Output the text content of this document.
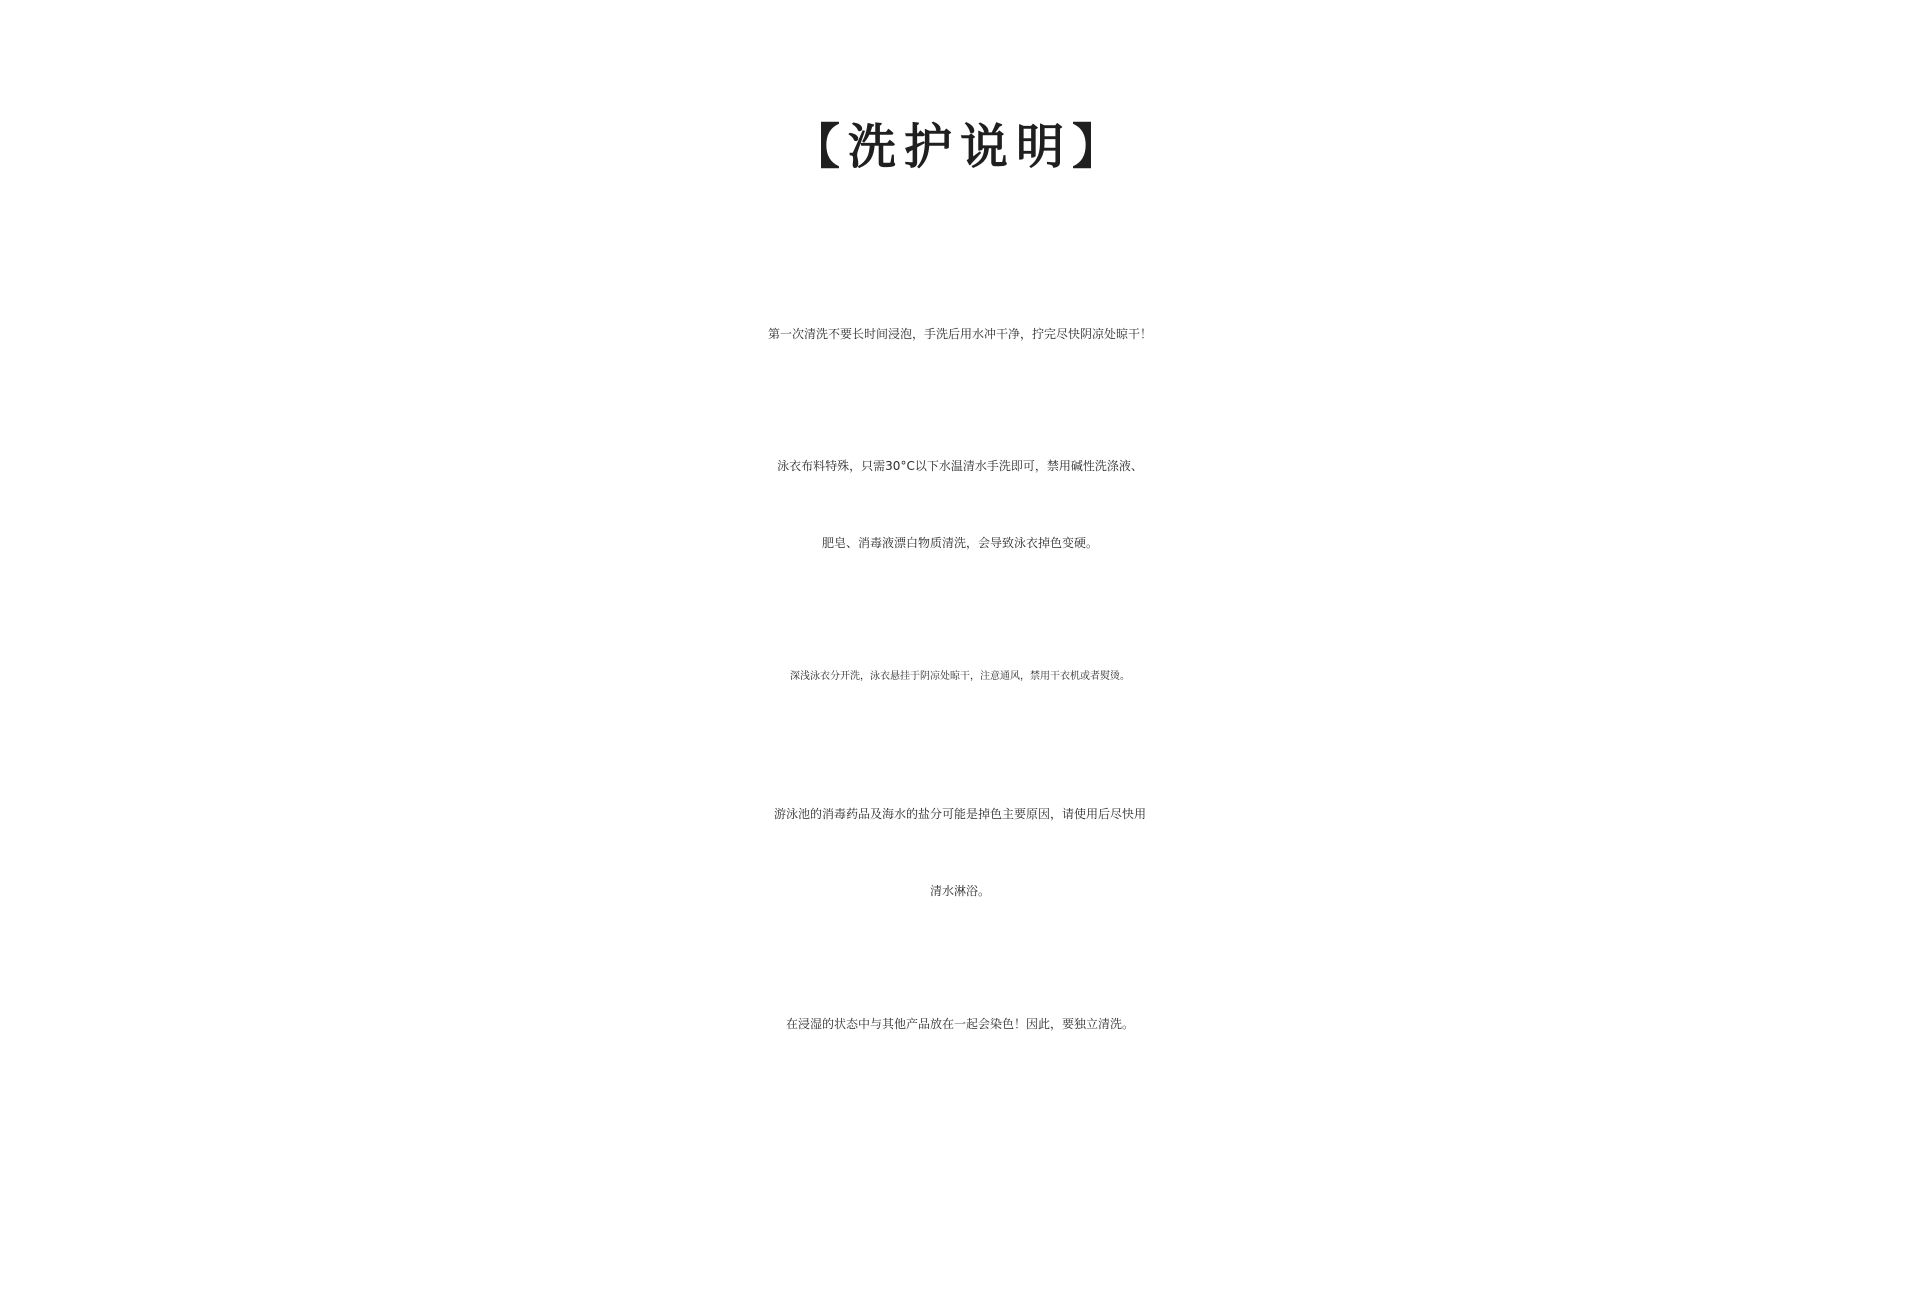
【洗护说明】
第一次清洗不要长时间浸泡，手洗后用水冲干净，拧完尽快阴凉处晾干！
泳衣布料特殊，只需30°C以下水温清水手洗即可，禁用碱性洗涤液、
肥皂、消毒液漂白物质清洗，会导致泳衣掉色变硬。
深浅泳衣分开洗，泳衣悬挂于阴凉处晾干，注意通风，禁用干衣机或者熨烫。
游泳池的消毒药品及海水的盐分可能是掉色主要原因，请使用后尽快用
清水淋浴。
在浸湿的状态中与其他产品放在一起会染色！因此，要独立清洗。
